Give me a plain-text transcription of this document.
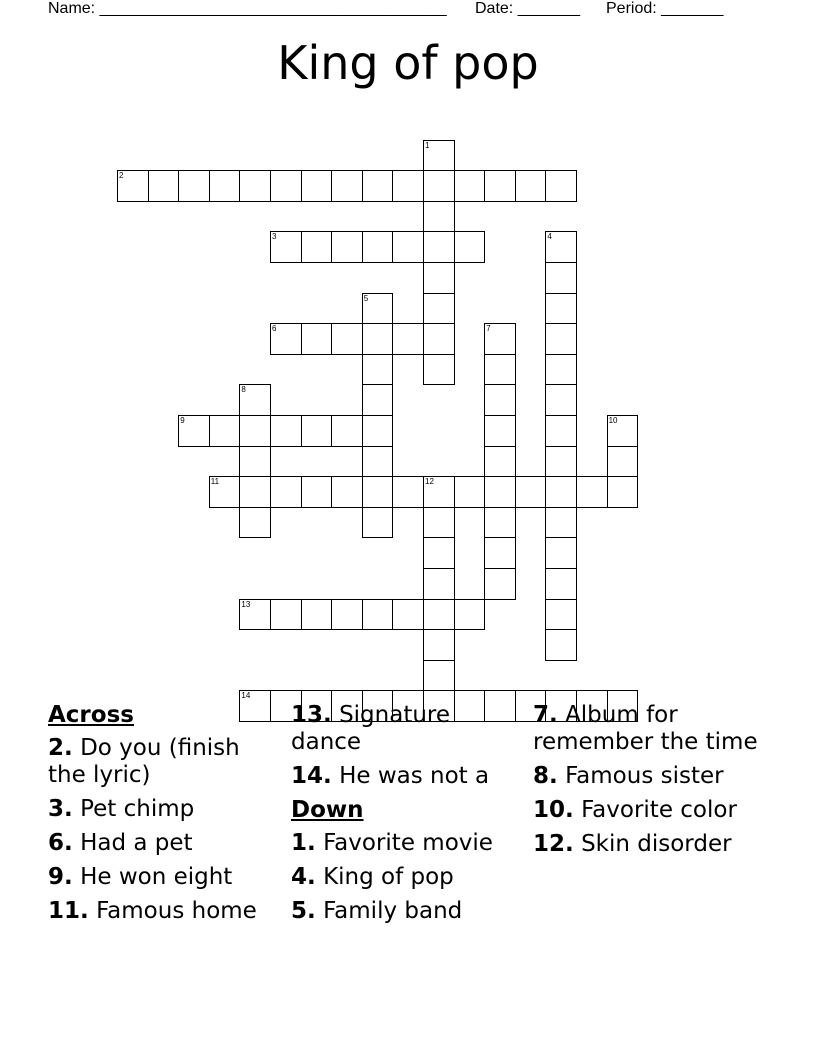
Name: _______________________________________ Date: _______ Period: _______
King of pop
1
2
3	4
5
6	7
8
9	10
11	12
13
14
Across
2. Do you (finish the lyric)
3. Pet chimp
6. Had a pet
9. He won eight
11. Famous home
13. Signature dance
14. He was not a
Down
1. Favorite movie
4. King of pop
5. Family band
7. Album for remember the time
8. Famous sister
10. Favorite color
12. Skin disorder
